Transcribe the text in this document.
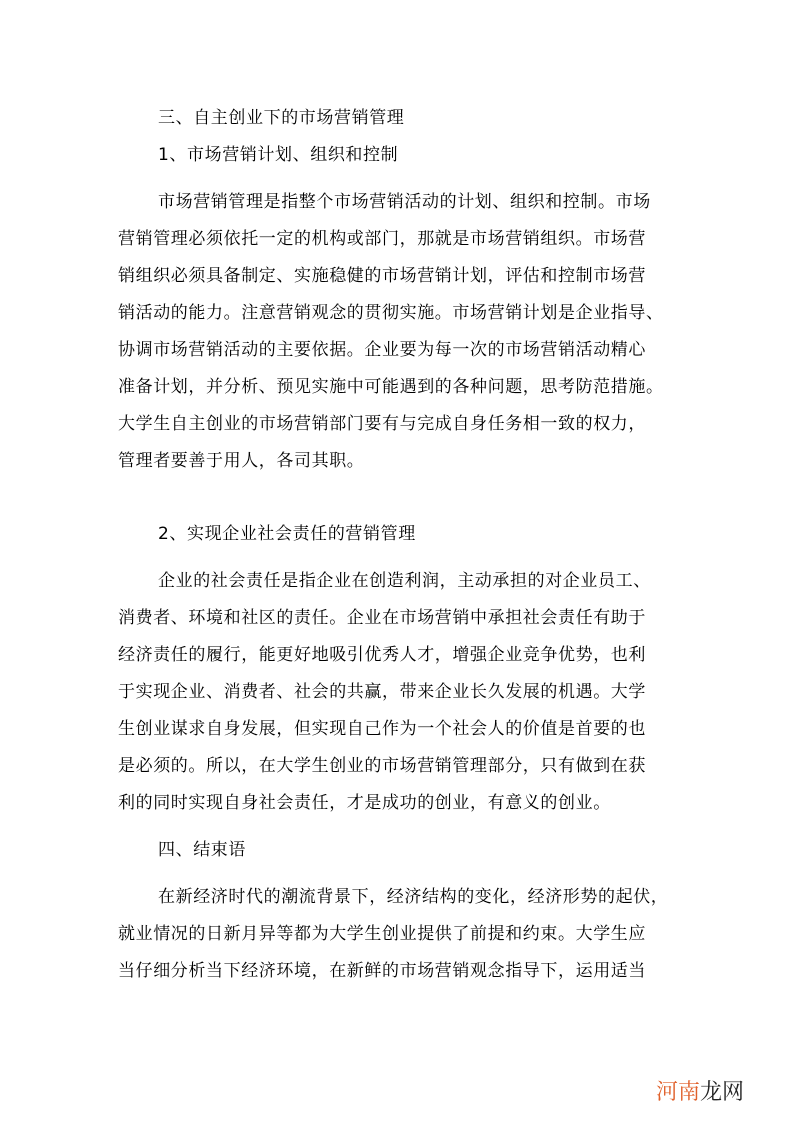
三、自主创业下的市场营销管理
1、市场营销计划、组织和控制
市场营销管理是指整个市场营销活动的计划、组织和控制。市场
营销管理必须依托一定的机构或部门，那就是市场营销组织。市场营
销组织必须具备制定、实施稳健的市场营销计划，评估和控制市场营
销活动的能力。注意营销观念的贯彻实施。市场营销计划是企业指导、
协调市场营销活动的主要依据。企业要为每一次的市场营销活动精心
准备计划，并分析、预见实施中可能遇到的各种问题，思考防范措施。
大学生自主创业的市场营销部门要有与完成自身任务相一致的权力，
管理者要善于用人，各司其职。
2、实现企业社会责任的营销管理
企业的社会责任是指企业在创造利润，主动承担的对企业员工、
消费者、环境和社区的责任。企业在市场营销中承担社会责任有助于
经济责任的履行，能更好地吸引优秀人才，增强企业竞争优势，也利
于实现企业、消费者、社会的共赢，带来企业长久发展的机遇。大学
生创业谋求自身发展，但实现自己作为一个社会人的价值是首要的也
是必须的。所以，在大学生创业的市场营销管理部分，只有做到在获
利的同时实现自身社会责任，才是成功的创业，有意义的创业。
四、结束语
在新经济时代的潮流背景下，经济结构的变化，经济形势的起伏，
就业情况的日新月异等都为大学生创业提供了前提和约束。大学生应
当仔细分析当下经济环境，在新鲜的市场营销观念指导下，运用适当
河南龙网
